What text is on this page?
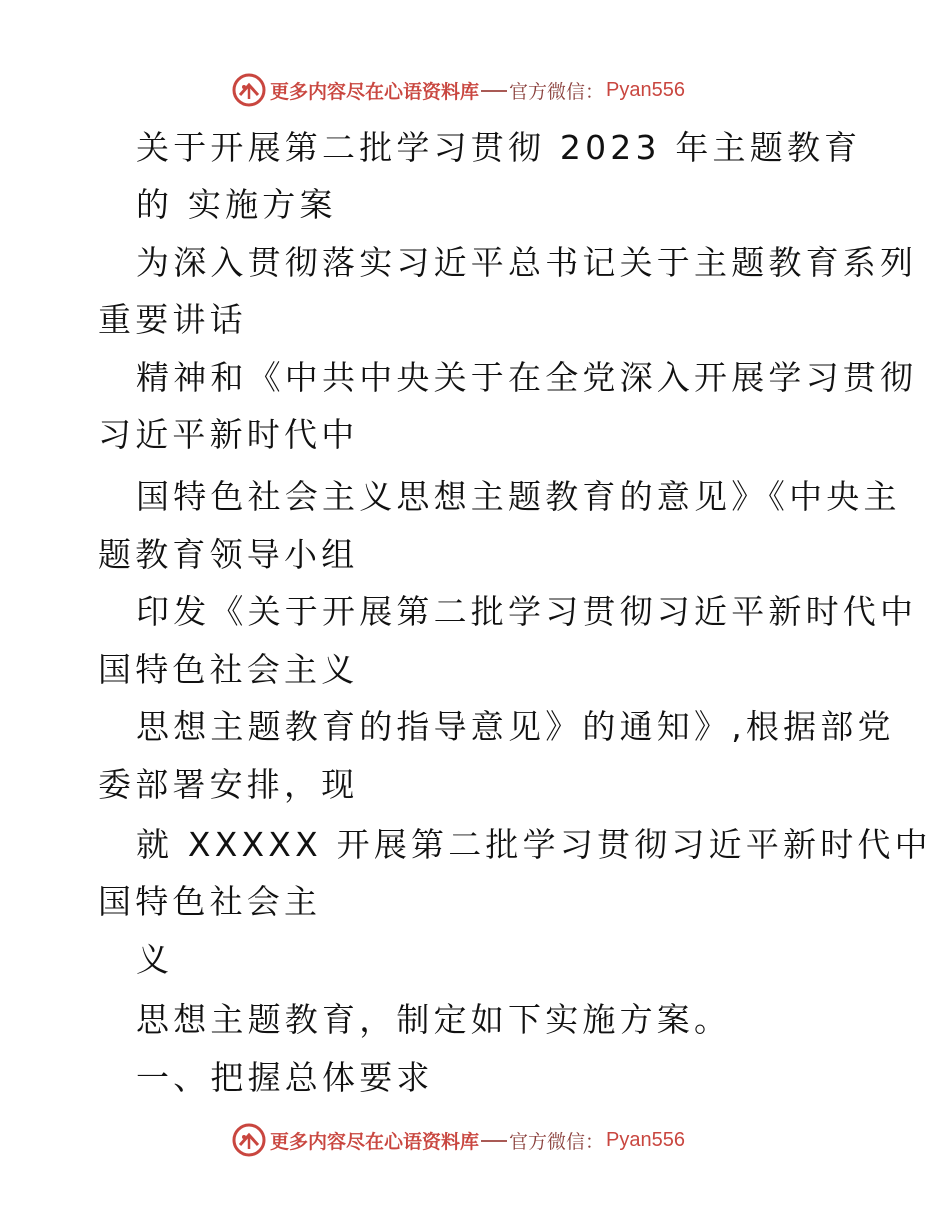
更多内容尽在心语资料库 官方微信： Pyan556
关于开展第二批学习贯彻 2023 年主题教育
的 实施方案
为深入贯彻落实习近平总书记关于主题教育系列
重要讲话
精神和《中共中央关于在全党深入开展学习贯彻
习近平新时代中
国特色社会主义思想主题教育的意见》《中央主
题教育领导小组
印发《关于开展第二批学习贯彻习近平新时代中
国特色社会主义
思想主题教育的指导意见》的通知》,根据部党
委部署安排，现
就 XXXXX 开展第二批学习贯彻习近平新时代中
国特色社会主
义
思想主题教育，制定如下实施方案。
一、把握总体要求
更多内容尽在心语资料库 官方微信： Pyan556
